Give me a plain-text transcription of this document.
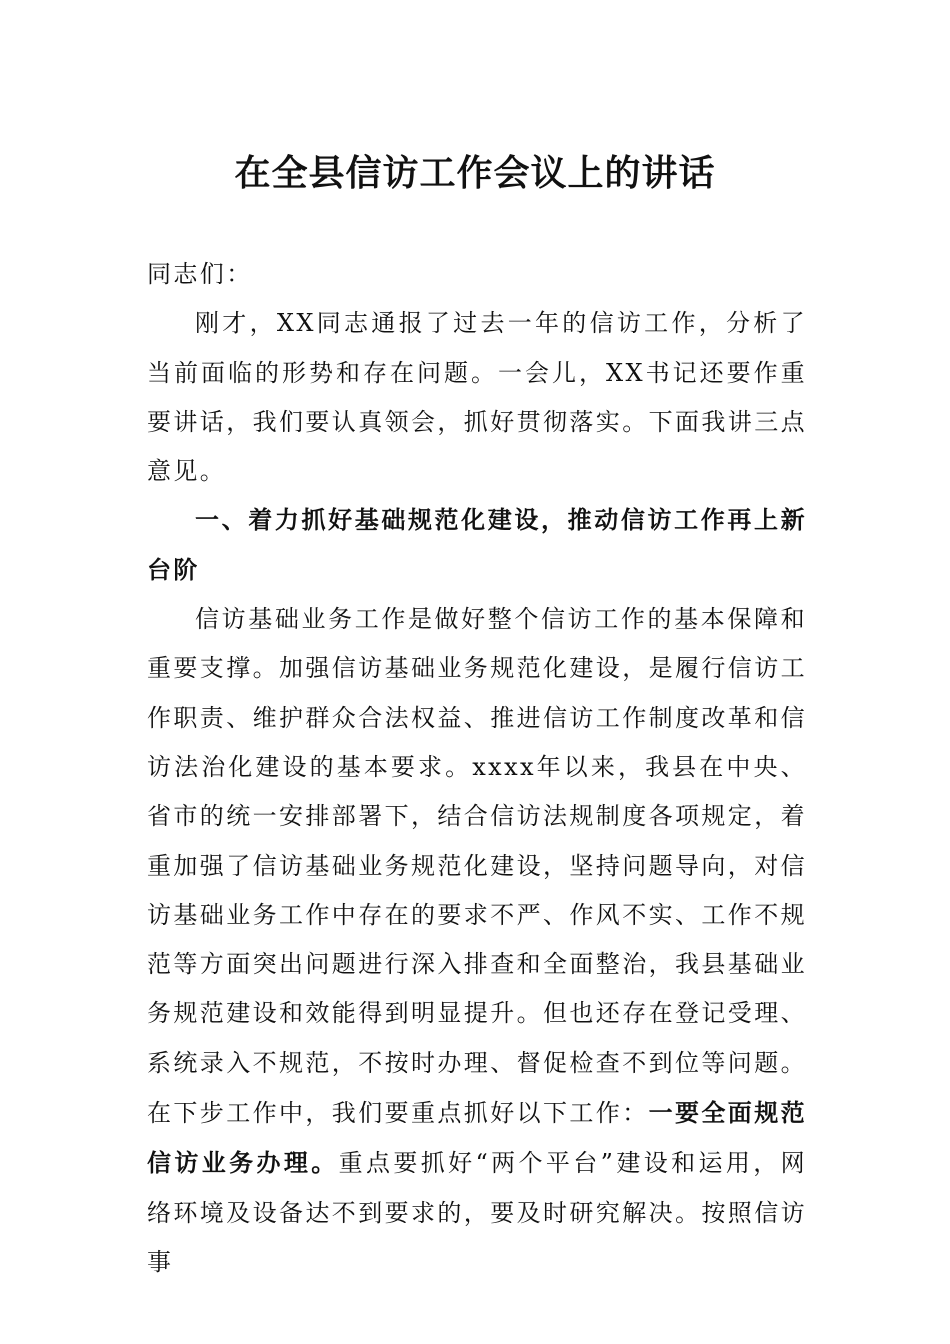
在全县信访工作会议上的讲话

同志们：

刚才，XX同志通报了过去一年的信访工作，分析了当前面临的形势和存在问题。一会儿，XX书记还要作重要讲话，我们要认真领会，抓好贯彻落实。下面我讲三点意见。

一、着力抓好基础规范化建设，推动信访工作再上新台阶

信访基础业务工作是做好整个信访工作的基本保障和重要支撑。加强信访基础业务规范化建设，是履行信访工作职责、维护群众合法权益、推进信访工作制度改革和信访法治化建设的基本要求。xxxx年以来，我县在中央、省市的统一安排部署下，结合信访法规制度各项规定，着重加强了信访基础业务规范化建设，坚持问题导向，对信访基础业务工作中存在的要求不严、作风不实、工作不规范等方面突出问题进行深入排查和全面整治，我县基础业务规范建设和效能得到明显提升。但也还存在登记受理、系统录入不规范，不按时办理、督促检查不到位等问题。在下步工作中，我们要重点抓好以下工作：一要全面规范信访业务办理。重点要抓好“两个平台”建设和运用，网络环境及设备达不到要求的，要及时研究解决。按照信访事
